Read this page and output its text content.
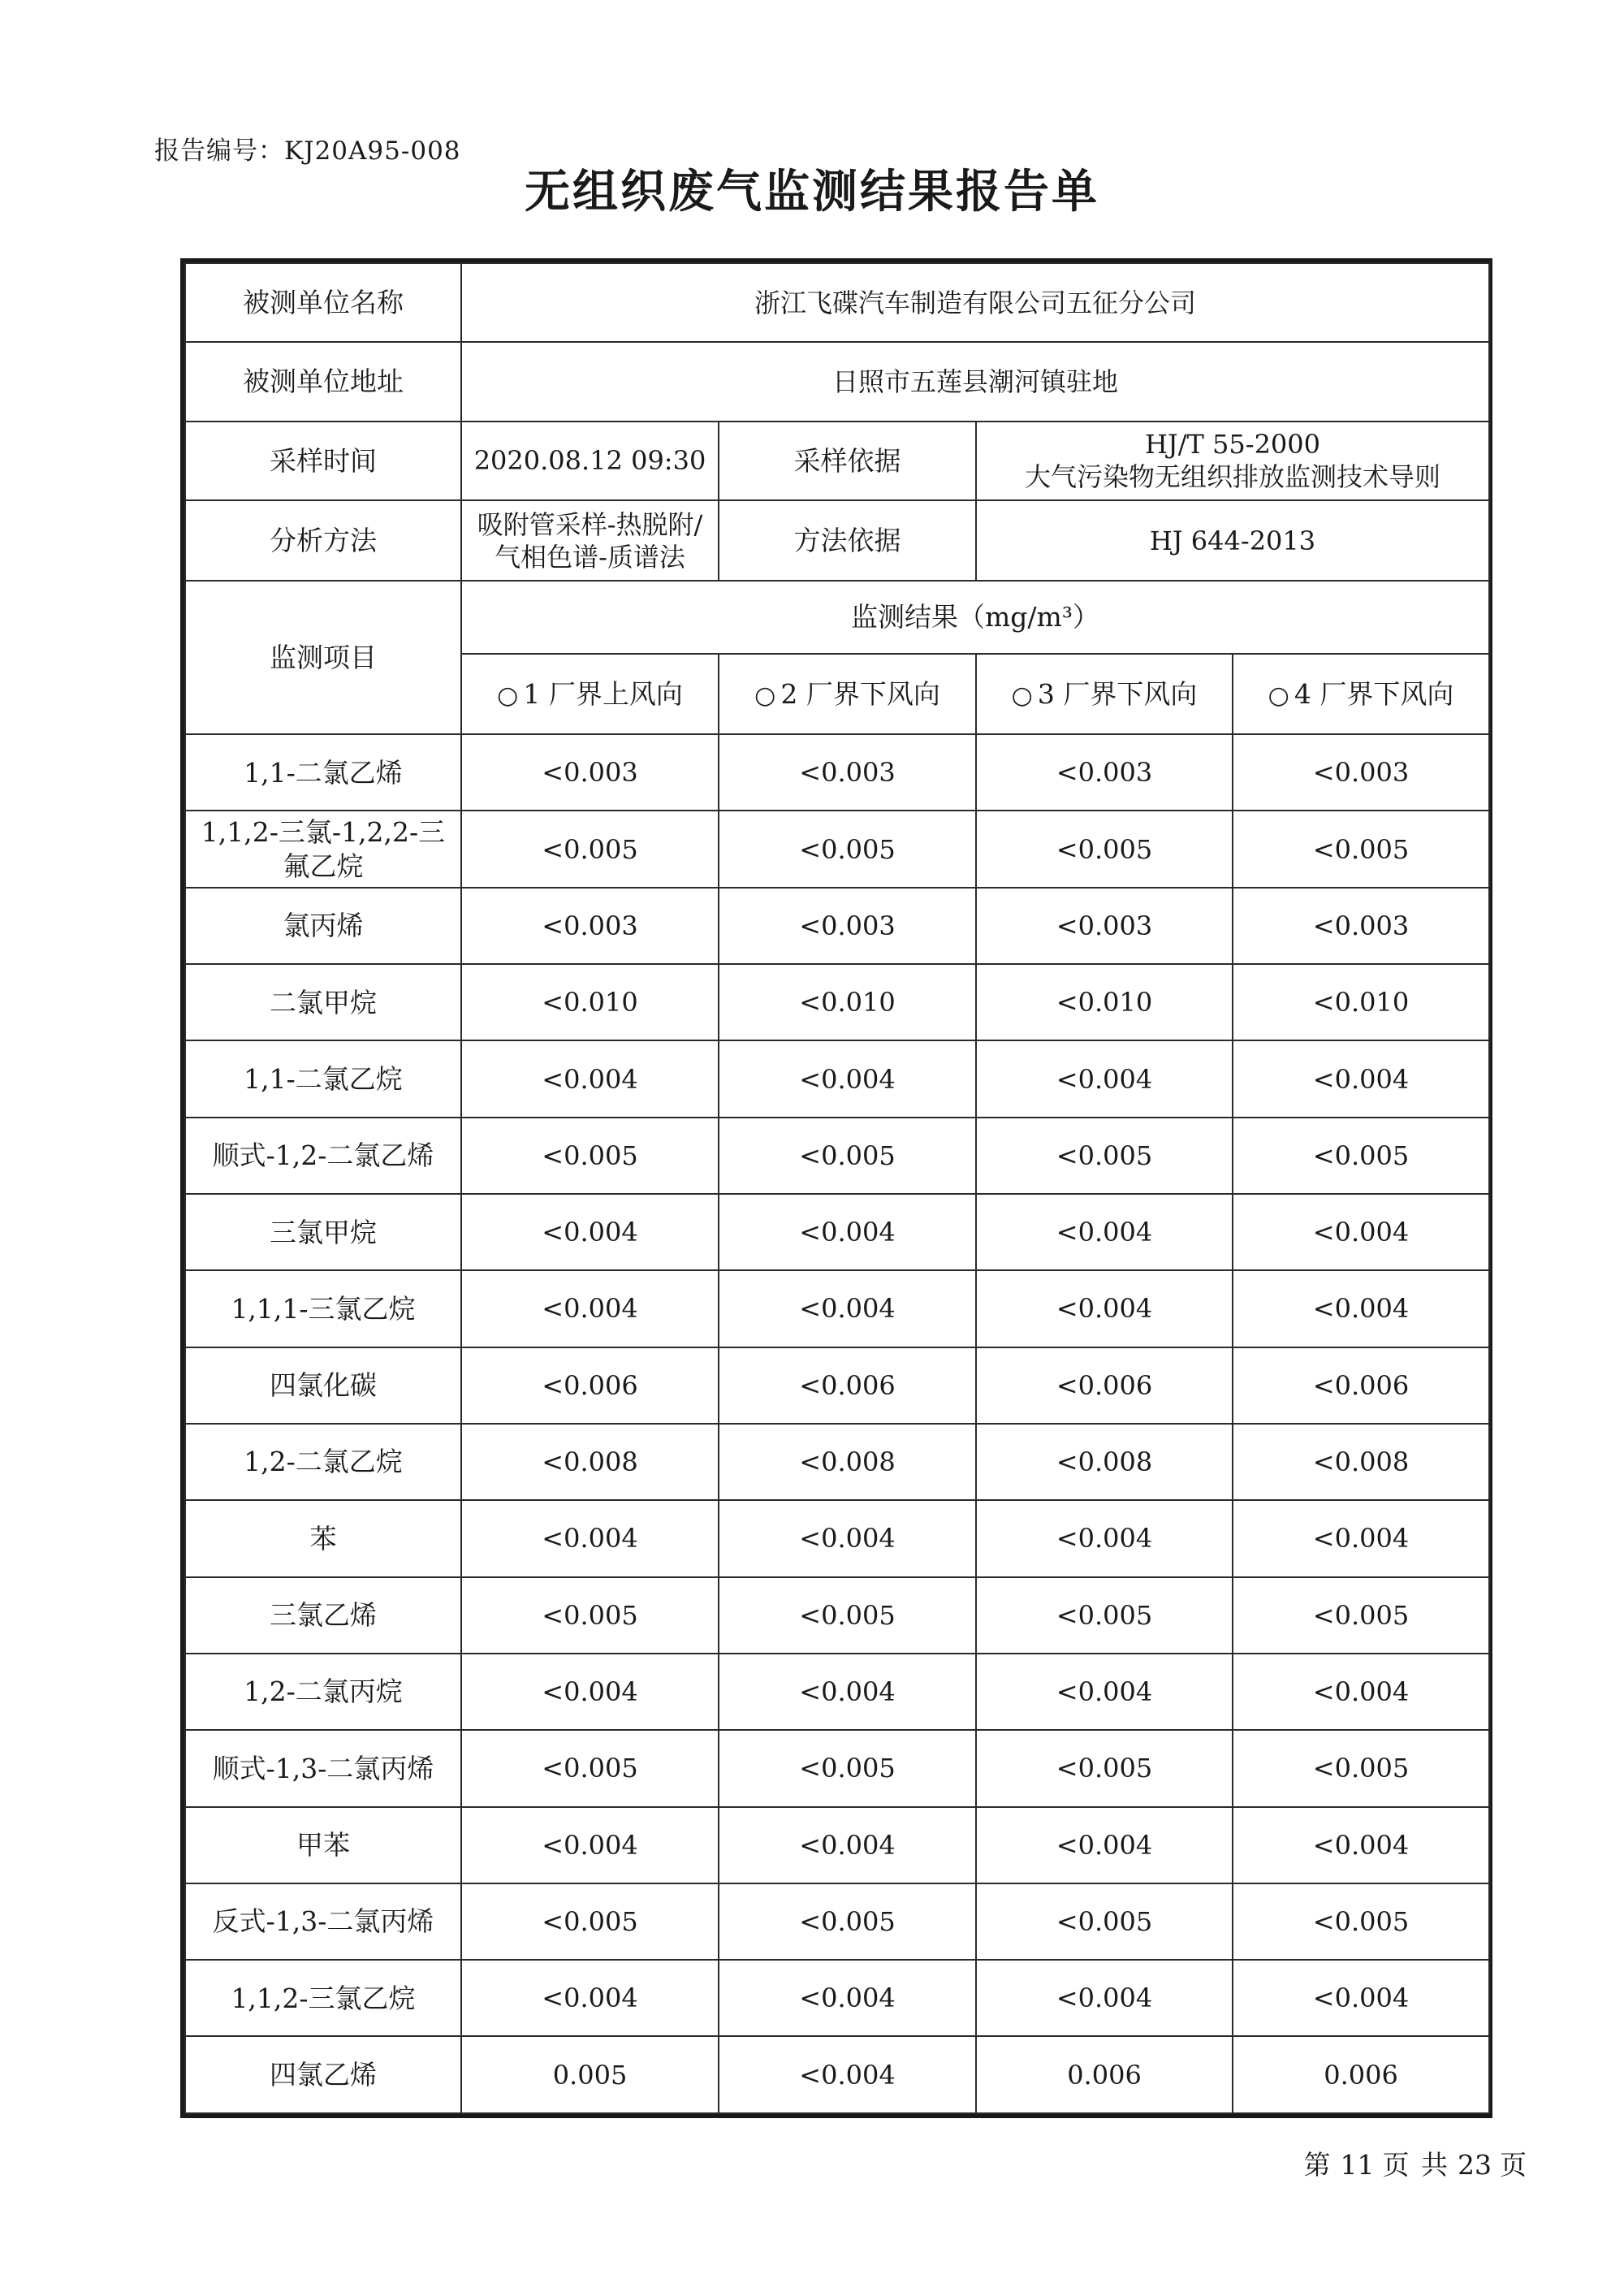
报告编号：KJ20A95-008
无组织废气监测结果报告单
被测单位名称	浙江飞碟汽车制造有限公司五征分公司			
被测单位地址	日照市五莲县潮河镇驻地			
采样时间	2020.08.12 09:30	采样依据	HJ/T 55-2000
大气污染物无组织排放监测技术导则	

分析方法	吸附管采样-热脱附/气相色谱-质谱法	方法依据	HJ 644-2013	
监测项目	监测结果（mg/m³）			
	○ 1 厂界上风向	○ 2 厂界下风向	○ 3 厂界下风向	○ 4 厂界下风向
1,1-二氯乙烯	<0.003	<0.003	<0.003	<0.003
1,1,2-三氯-1,2,2-三氟乙烷	<0.005	<0.005	<0.005	<0.005
氯丙烯	<0.003	<0.003	<0.003	<0.003
二氯甲烷	<0.010	<0.010	<0.010	<0.010
1,1-二氯乙烷	<0.004	<0.004	<0.004	<0.004
顺式-1,2-二氯乙烯	<0.005	<0.005	<0.005	<0.005
三氯甲烷	<0.004	<0.004	<0.004	<0.004
1,1,1-三氯乙烷	<0.004	<0.004	<0.004	<0.004
四氯化碳	<0.006	<0.006	<0.006	<0.006
1,2-二氯乙烷	<0.008	<0.008	<0.008	<0.008
苯	<0.004	<0.004	<0.004	<0.004
三氯乙烯	<0.005	<0.005	<0.005	<0.005
1,2-二氯丙烷	<0.004	<0.004	<0.004	<0.004
顺式-1,3-二氯丙烯	<0.005	<0.005	<0.005	<0.005
甲苯	<0.004	<0.004	<0.004	<0.004
反式-1,3-二氯丙烯	<0.005	<0.005	<0.005	<0.005
1,1,2-三氯乙烷	<0.004	<0.004	<0.004	<0.004
四氯乙烯	0.005	<0.004	0.006	0.006
第 11 页 共 23 页
